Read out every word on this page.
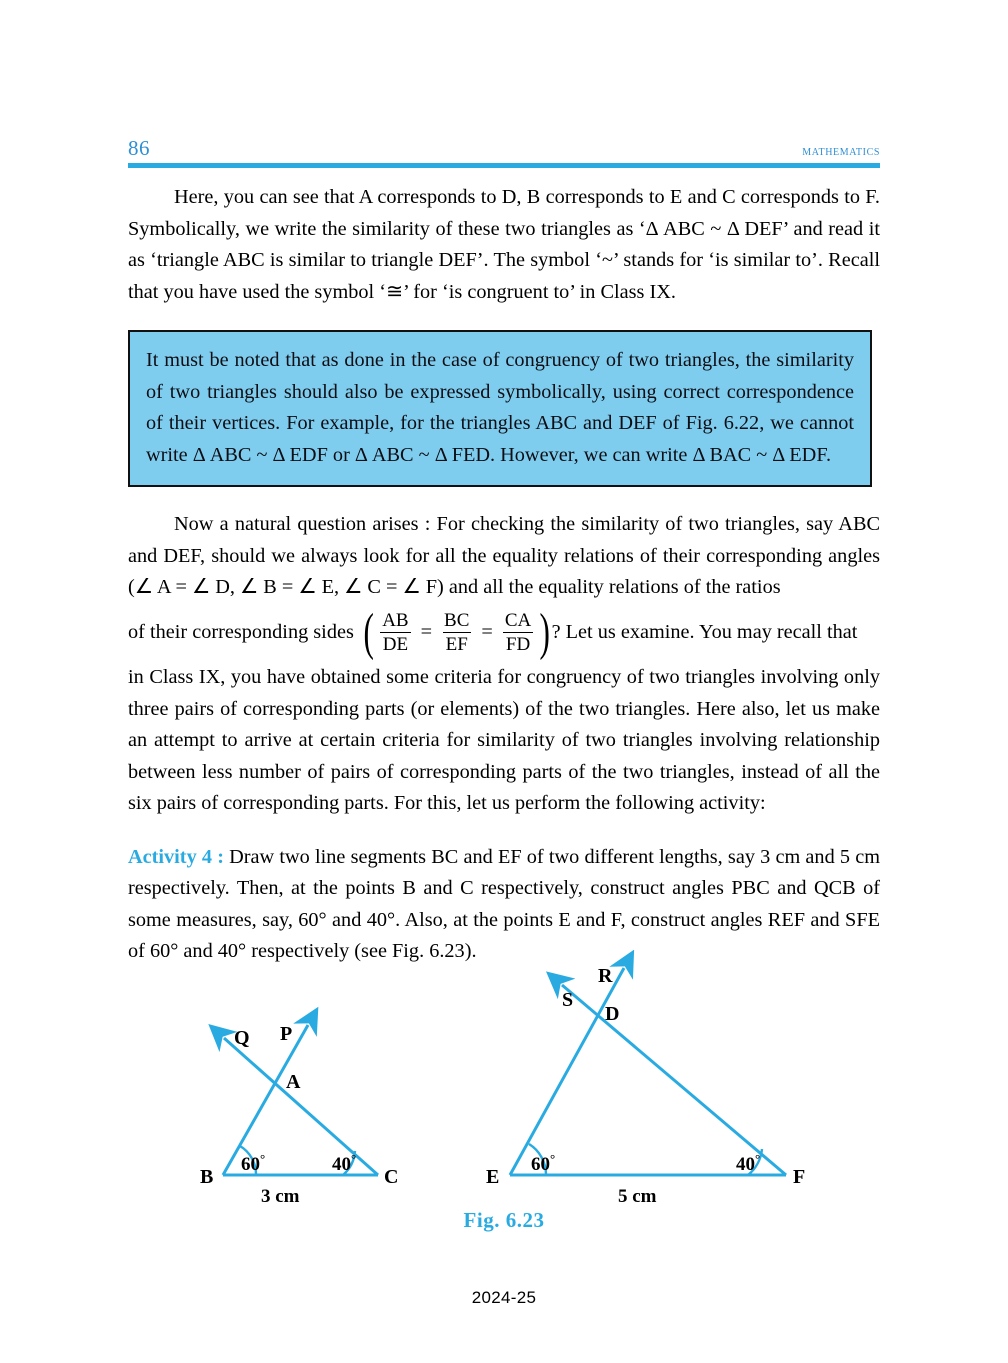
86	mathematics

Here, you can see that A corresponds to D, B corresponds to E and C corresponds to F. Symbolically, we write the similarity of these two triangles as ‘Δ ABC ~ Δ DEF’ and read it as ‘triangle ABC is similar to triangle DEF’. The symbol ‘~’ stands for ‘is similar to’. Recall that you have used the symbol ‘≅’ for ‘is congruent to’ in Class IX.

It must be noted that as done in the case of congruency of two triangles, the similarity of two triangles should also be expressed symbolically, using correct correspondence of their vertices. For example, for the triangles ABC and DEF of Fig. 6.22, we cannot write Δ ABC ~ Δ EDF or Δ ABC ~ Δ FED. However, we can write Δ BAC ~ Δ EDF.

Now a natural question arises : For checking the similarity of two triangles, say ABC and DEF, should we always look for all the equality relations of their corresponding angles (∠ A = ∠ D, ∠ B = ∠ E, ∠ C = ∠ F) and all the equality relations of the ratios

of their corresponding sides ( $\frac{AB}{DE} = \frac{BC}{EF} = \frac{CA}{FD}$ ) ? Let us examine. You may recall that

in Class IX, you have obtained some criteria for congruency of two triangles involving only three pairs of corresponding parts (or elements) of the two triangles. Here also, let us make an attempt to arrive at certain criteria for similarity of two triangles involving relationship between less number of pairs of corresponding parts of the two triangles, instead of all the six pairs of corresponding parts. For this, let us perform the following activity:

Activity 4 : Draw two line segments BC and EF of two different lengths, say 3 cm and 5 cm respectively. Then, at the points B and C respectively, construct angles PBC and QCB of some measures, say, 60° and 40°. Also, at the points E and F, construct angles REF and SFE of 60° and 40° respectively (see Fig. 6.23).

B	C
A
Q P
60°	40°
3 cm
E	F
D
S
R
60°	40°
5 cm
Fig. 6.23
2024-25
